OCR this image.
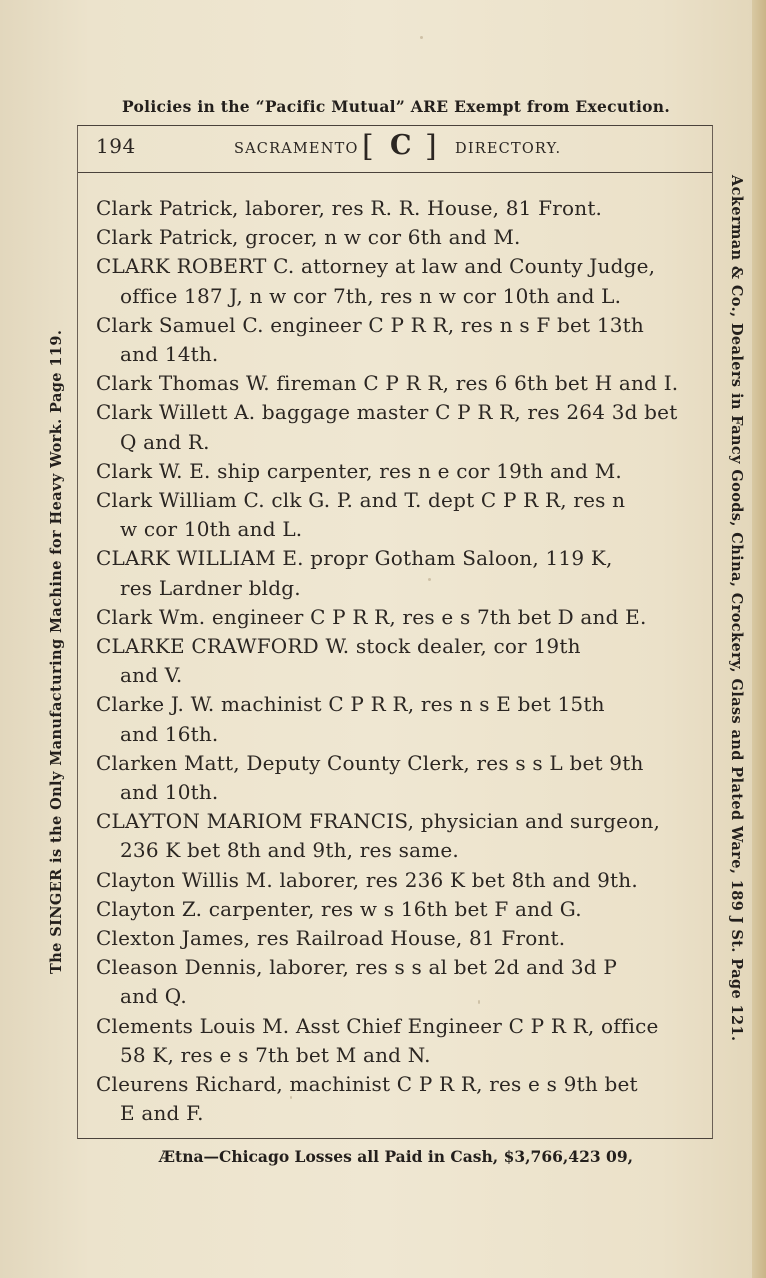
Policies in the “Pacific Mutual” ARE Exempt from Execution.
194	SACRAMENTO [ C ] DIRECTORY.
Clark Patrick, laborer, res R. R. House, 81 Front.
Clark Patrick, grocer, n w cor 6th and M.
CLARK ROBERT C. attorney at law and County Judge,
office 187 J, n w cor 7th, res n w cor 10th and L.
Clark Samuel C. engineer C P R R, res n s F bet 13th
and 14th.
Clark Thomas W. fireman C P R R, res 6 6th bet H and I.
Clark Willett A. baggage master C P R R, res 264 3d bet
Q and R.
Clark W. E. ship carpenter, res n e cor 19th and M.
Clark William C. clk G. P. and T. dept C P R R, res n
w cor 10th and L.
CLARK WILLIAM E. propr Gotham Saloon, 119 K,
res Lardner bldg.
Clark Wm. engineer C P R R, res e s 7th bet D and E.
CLARKE CRAWFORD W. stock dealer, cor 19th
and V.
Clarke J. W. machinist C P R R, res n s E bet 15th
and 16th.
Clarken Matt, Deputy County Clerk, res s s L bet 9th
and 10th.
CLAYTON MARIOM FRANCIS, physician and surgeon,
236 K bet 8th and 9th, res same.
Clayton Willis M. laborer, res 236 K bet 8th and 9th.
Clayton Z. carpenter, res w s 16th bet F and G.
Clexton James, res Railroad House, 81 Front.
Cleason Dennis, laborer, res s s al bet 2d and 3d P
and Q.
Clements Louis M. Asst Chief Engineer C P R R, office
58 K, res e s 7th bet M and N.
Cleurens Richard, machinist C P R R, res e s 9th bet
E and F.
Ætna—Chicago Losses all Paid in Cash, $3,766,423 09,
The SINGER is the Only Manufacturing Machine for Heavy Work. Page 119.	Ackerman & Co., Dealers in Fancy Goods, China, Crockery, Glass and Plated Ware, 189 J St. Page 121.
